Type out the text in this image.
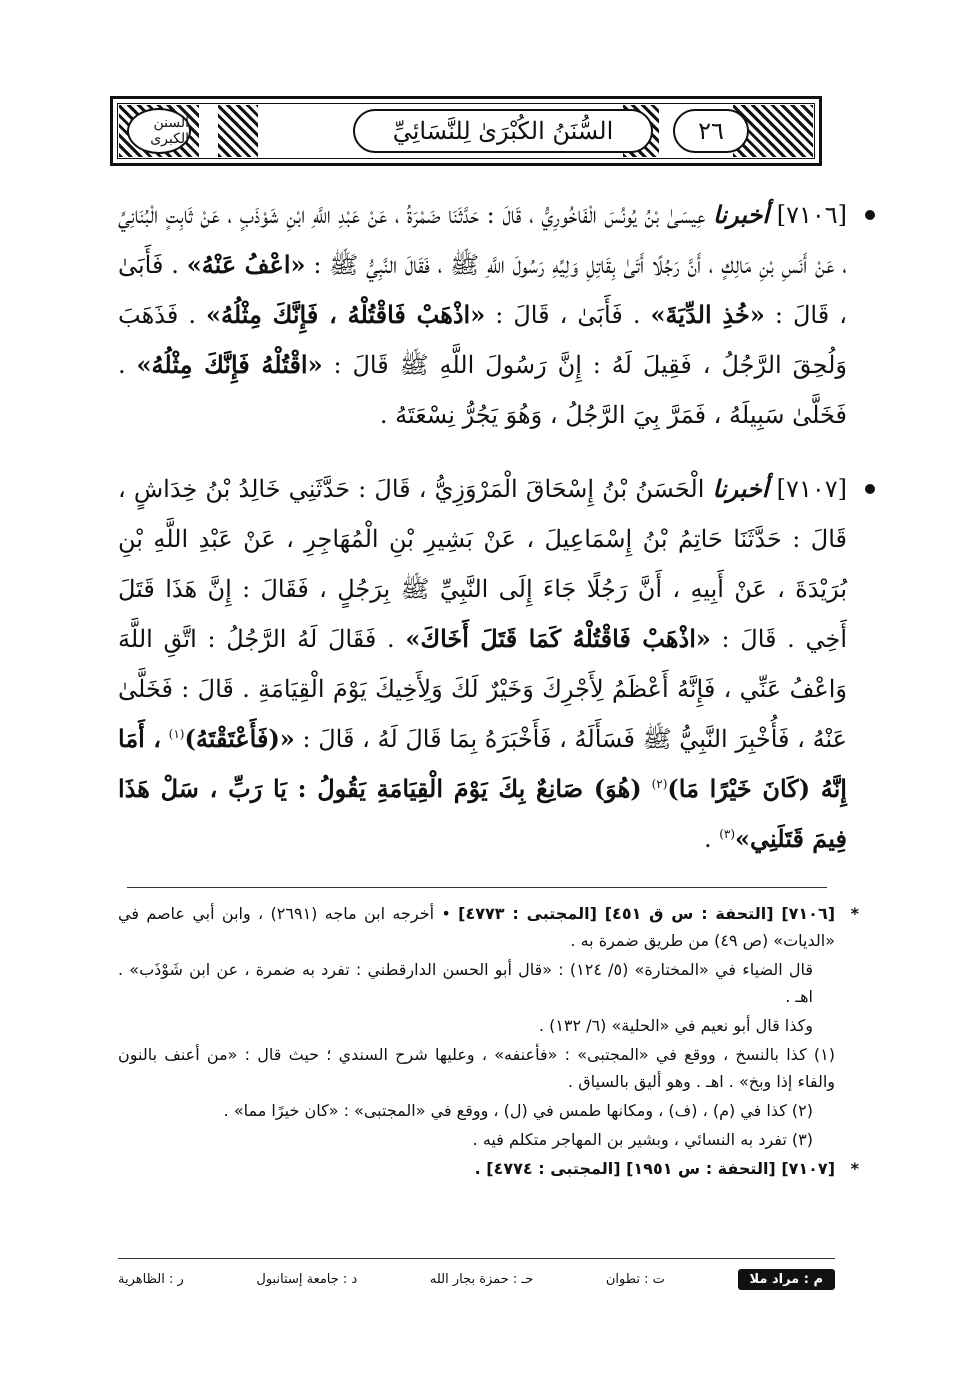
السنن الكبرى	السُّنَنُ الكُبْرَىٰ لِلنَّسَائِيِّ	٢٦

[٧١٠٦] أخبرنا عِيسَىٰ بْنُ يُونُسَ الْفَاخُورِيُّ ، قَالَ : حَدَّثَنَا ضَمْرَةُ ، عَنْ عَبْدِ اللَّهِ ابْنِ شَوْذَبٍ ، عَنْ ثَابِتٍ الْبُنَانِيِّ ، عَنْ أَنَسِ بْنِ مَالِكٍ ، أَنَّ رَجُلًا أَتَىٰ بِقَاتِلِ وَلِيِّهِ رَسُولَ اللَّهِ ﷺ ، فَقَالَ النَّبِيُّ ﷺ : «اعْفُ عَنْهُ» . فَأَبَىٰ ، قَالَ : «خُذِ الدِّيَةَ» . فَأَبَىٰ ، قَالَ : «اذْهَبْ فَاقْتُلْهُ ، فَإِنَّكَ مِثْلُهُ» . فَذَهَبَ وَلُحِقَ الرَّجُلُ ، فَقِيلَ لَهُ : إِنَّ رَسُولَ اللَّهِ ﷺ قَالَ : «اقْتُلْهُ فَإِنَّكَ مِثْلُهُ» . فَخَلَّىٰ سَبِيلَهُ ، فَمَرَّ بِيَ الرَّجُلُ ، وَهُوَ يَجُرُّ نِسْعَتَهُ .

[٧١٠٧] أخبرنا الْحَسَنُ بْنُ إِسْحَاقَ الْمَرْوَزِيُّ ، قَالَ : حَدَّثَنِي خَالِدُ بْنُ خِدَاشٍ ، قَالَ : حَدَّثَنَا حَاتِمُ بْنُ إِسْمَاعِيلَ ، عَنْ بَشِيرِ بْنِ الْمُهَاجِرِ ، عَنْ عَبْدِ اللَّهِ بْنِ بُرَيْدَةَ ، عَنْ أَبِيهِ ، أَنَّ رَجُلًا جَاءَ إِلَى النَّبِيِّ ﷺ بِرَجُلٍ ، فَقَالَ : إِنَّ هَذَا قَتَلَ أَخِي . قَالَ : «اذْهَبْ فَاقْتُلْهُ كَمَا قَتَلَ أَخَاكَ» . فَقَالَ لَهُ الرَّجُلُ : اتَّقِ اللَّهَ وَاعْفُ عَنِّي ، فَإِنَّهُ أَعْظَمُ لِأَجْرِكَ وَخَيْرٌ لَكَ وَلِأَخِيكَ يَوْمَ الْقِيَامَةِ . قَالَ : فَخَلَّىٰ عَنْهُ ، فَأُخْبِرَ النَّبِيُّ ﷺ فَسَأَلَهُ ، فَأَخْبَرَهُ بِمَا قَالَ لَهُ ، قَالَ : «(فَأَعْتَقْتَهُ)$^{(١)}$ ، أَمَا إِنَّهُ (كَانَ خَيْرًا مَا)$^{(٢)}$ (هُوَ) صَانِعٌ بِكَ يَوْمَ الْقِيَامَةِ يَقُولُ : يَا رَبِّ ، سَلْ هَذَا فِيمَ قَتَلَنِي»$^{(٣)}$ .

*
[٧١٠٦] [التحفة : س ق ٤٥١] [المجتبى : ٤٧٧٣] • أخرجه ابن ماجه (٢٦٩١) ، وابن أبي عاصم في «الديات» (ص ٤٩) من طريق ضمرة به .

قال الضياء في «المختارة» (٥/ ١٢٤) : «قال أبو الحسن الدارقطني : تفرد به ضمرة ، عن ابن شَوْذَب» . اهـ .

وكذا قال أبو نعيم في «الحلية» (٦/ ١٣٢) .

(١) كذا بالنسخ ، ووقع في «المجتبى» : «فأعنفه» ، وعليها شرح السندي ؛ حيث قال : «من أعنف بالنون والفاء إذا وبخ» . اهـ . وهو أليق بالسياق .

(٢) كذا في (م) ، (ف) ، ومكانها طمس في (ل) ، ووقع في «المجتبى» : «كان خيرًا مما» .

(٣) تفرد به النسائي ، وبشير بن المهاجر متكلم فيه .

*
[٧١٠٧] [التحفة : س ١٩٥١] [المجتبى : ٤٧٧٤] .

م : مراد ملا
ت : تطوان
حـ : حمزة بجار الله
د : جامعة إستانبول
ر : الظاهرية
